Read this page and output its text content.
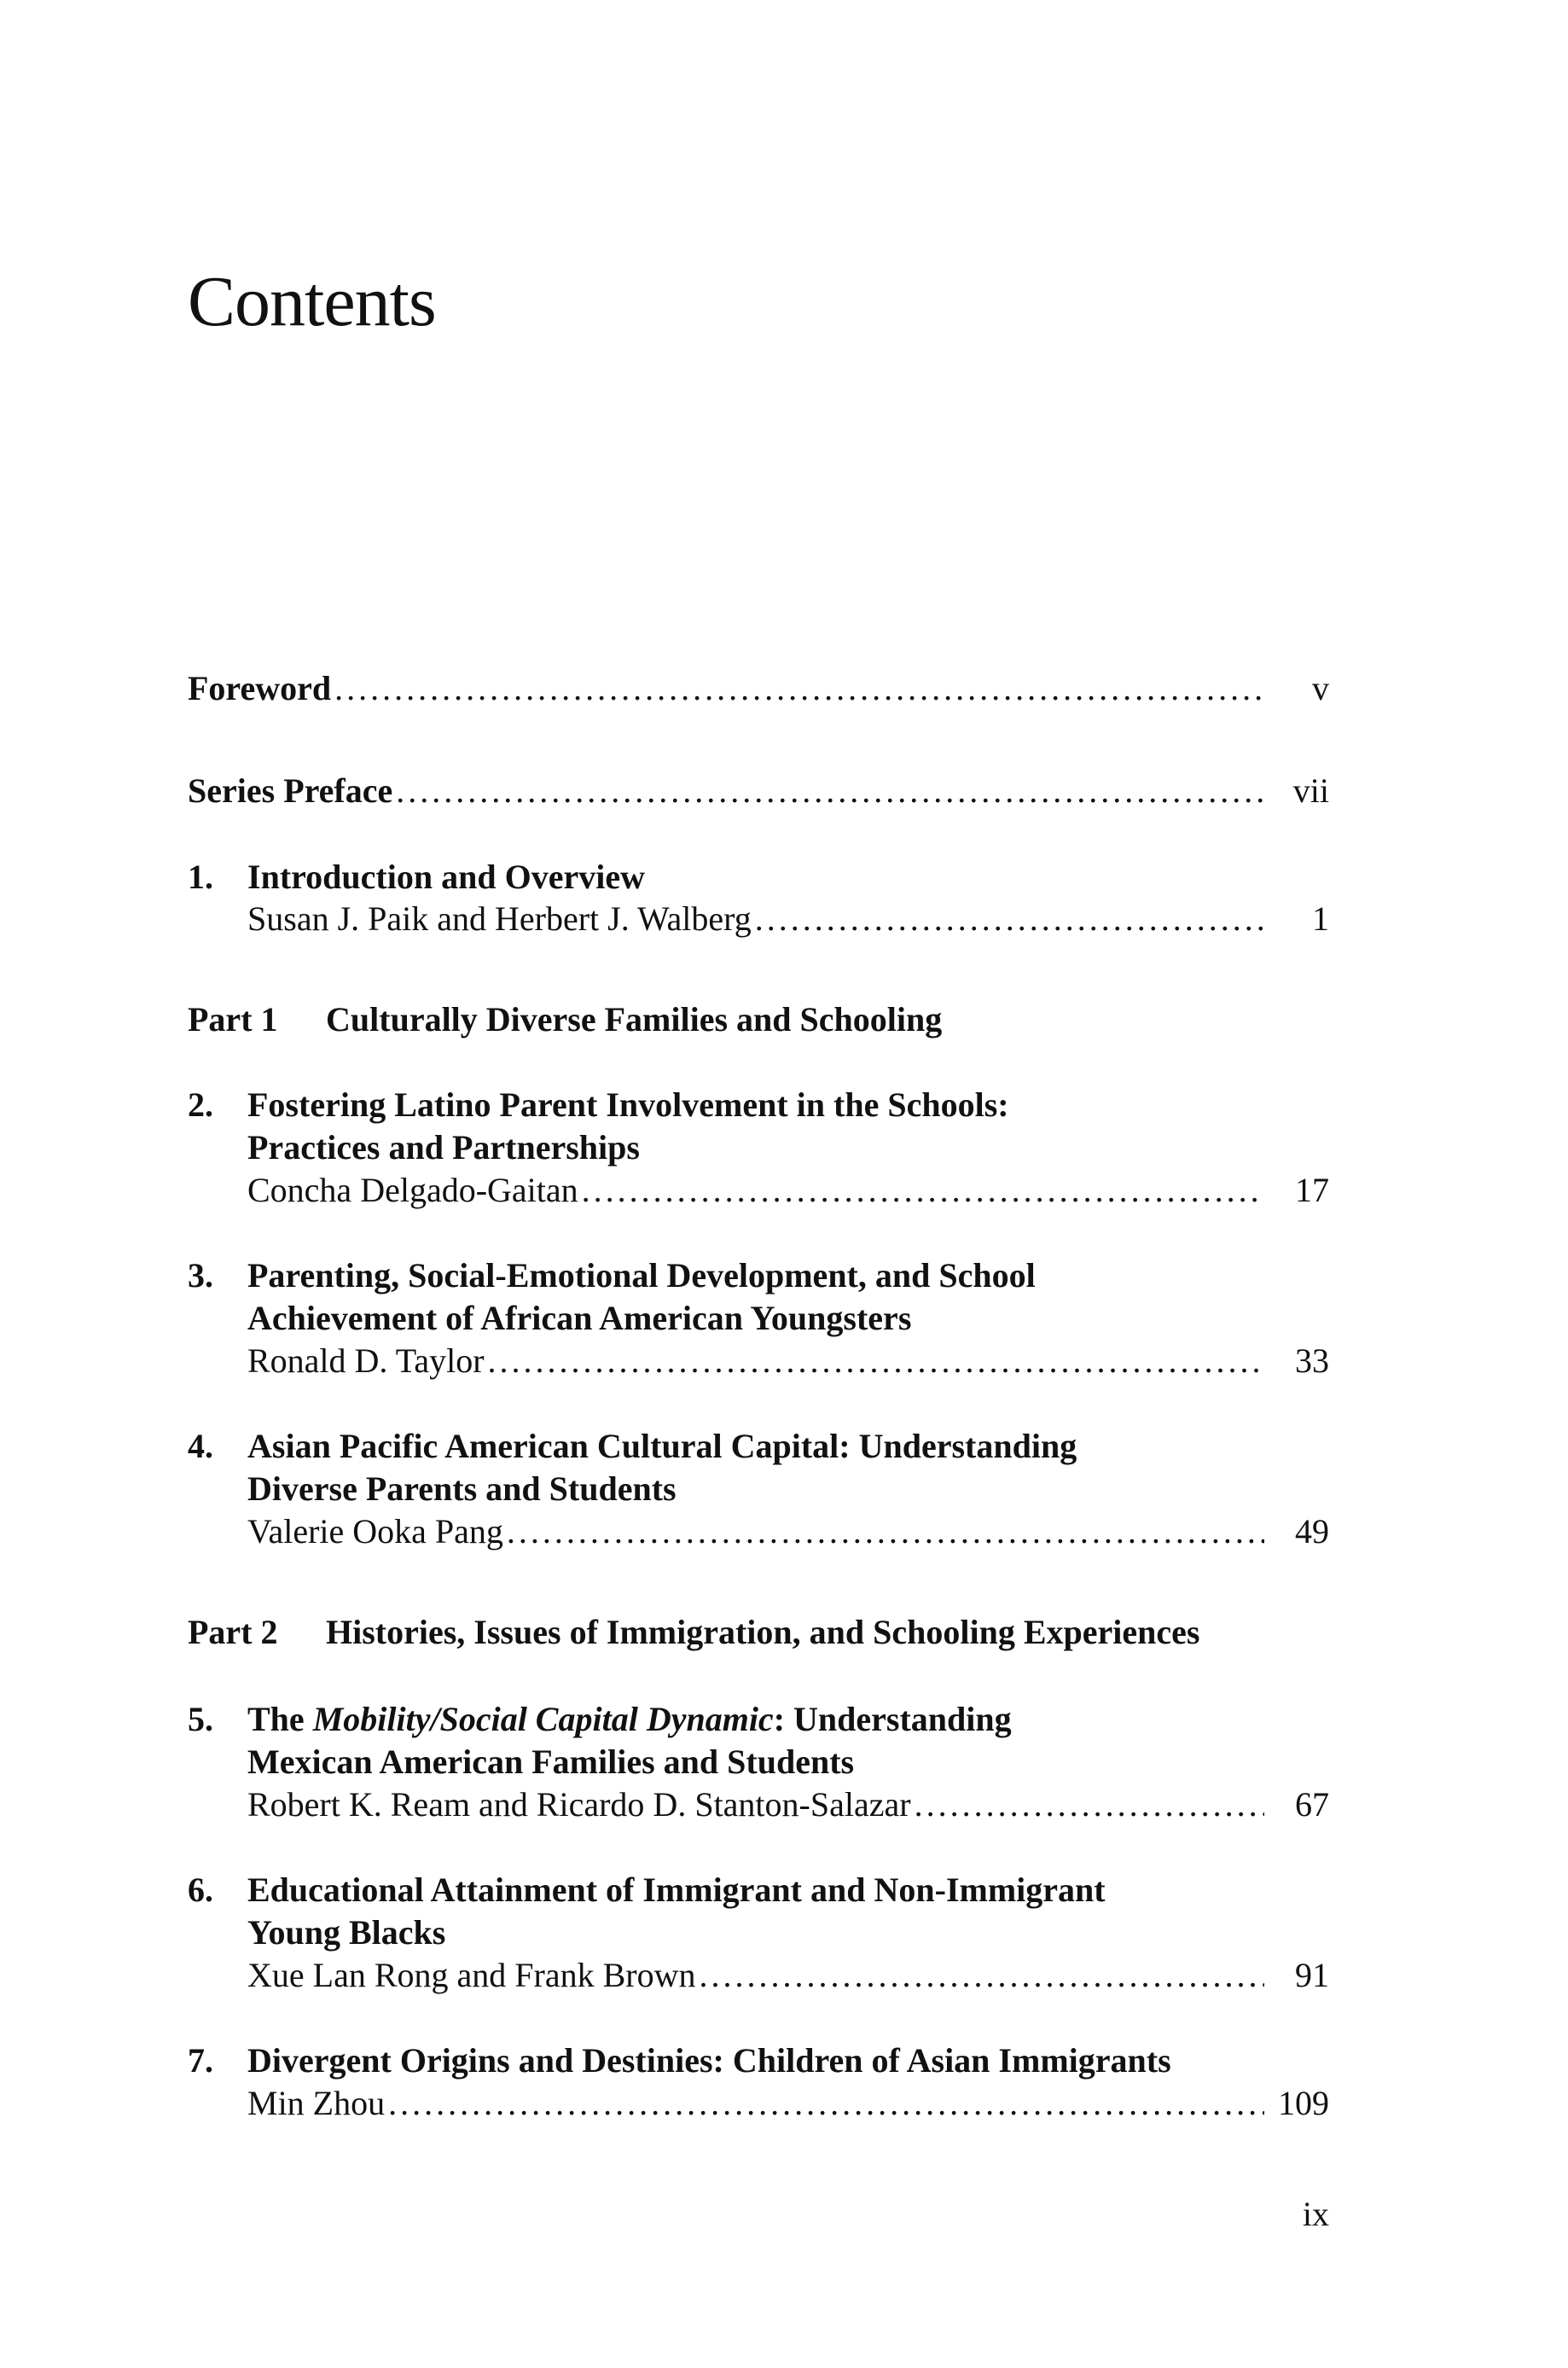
Contents
Foreword . . .	v
Series Preface . . .	vii
1. Introduction and Overview
Susan J. Paik and Herbert J. Walberg . . .	1
Part 1 Culturally Diverse Families and Schooling
2. Fostering Latino Parent Involvement in the Schools:
Practices and Partnerships
Concha Delgado-Gaitan . . .	17
3. Parenting, Social-Emotional Development, and School
Achievement of African American Youngsters
Ronald D. Taylor . . .	33
4. Asian Pacific American Cultural Capital: Understanding
Diverse Parents and Students
Valerie Ooka Pang . . .	49
Part 2 Histories, Issues of Immigration, and Schooling Experiences
5. The Mobility/Social Capital Dynamic: Understanding
Mexican American Families and Students
Robert K. Ream and Ricardo D. Stanton-Salazar . . .	67
6. Educational Attainment of Immigrant and Non-Immigrant
Young Blacks
Xue Lan Rong and Frank Brown . . .	91
7. Divergent Origins and Destinies: Children of Asian Immigrants
Min Zhou . . .	109
ix
